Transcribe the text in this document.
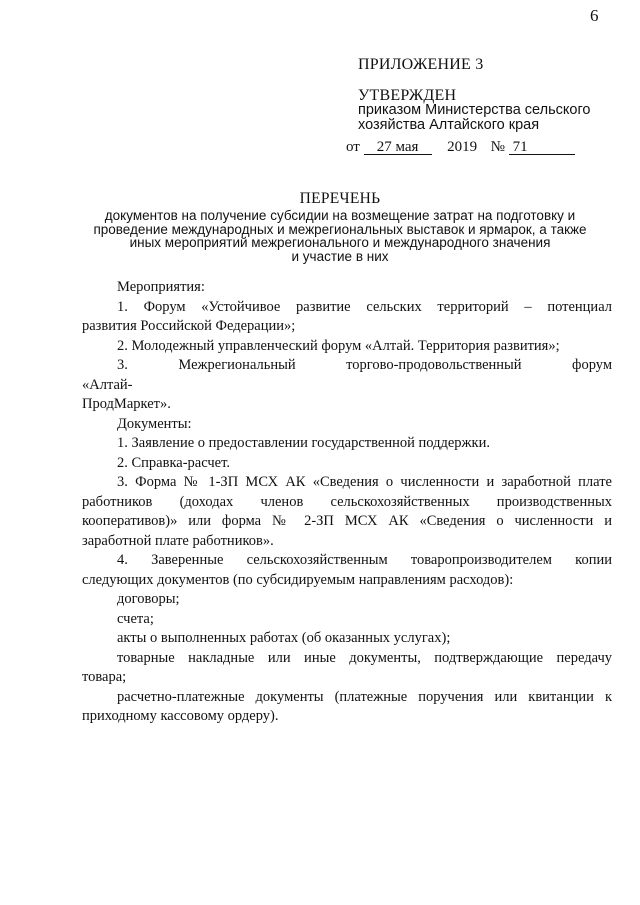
6
ПРИЛОЖЕНИЕ 3
УТВЕРЖДЕН
приказом Министерства сельского
хозяйства Алтайского края
от 27 мая 2019 № 71
ПЕРЕЧЕНЬ
документов на получение субсидии на возмещение затрат на подготовку и
проведение международных и межрегиональных выставок и ярмарок, а также
иных мероприятий межрегионального и международного значения
и участие в них

Мероприятия:

1. Форум «Устойчивое развитие сельских территорий – потенциал

развития Российской Федерации»;

2. Молодежный управленческий форум «Алтай. Территория развития»;

3. Межрегиональный торгово-продовольственный форум «Алтай-

ПродМаркет».

Документы:

1. Заявление о предоставлении государственной поддержки.

2. Справка-расчет.

3. Форма № 1-ЗП МСХ АК «Сведения о численности и заработной плате

работников (доходах членов сельскохозяйственных производственных

кооперативов)» или форма № 2-ЗП МСХ АК «Сведения о численности и

заработной плате работников».

4. Заверенные сельскохозяйственным товаропроизводителем копии

следующих документов (по субсидируемым направлениям расходов):

договоры;

счета;

акты о выполненных работах (об оказанных услугах);

товарные накладные или иные документы, подтверждающие передачу

товара;

расчетно-платежные документы (платежные поручения или квитанции к

приходному кассовому ордеру).
